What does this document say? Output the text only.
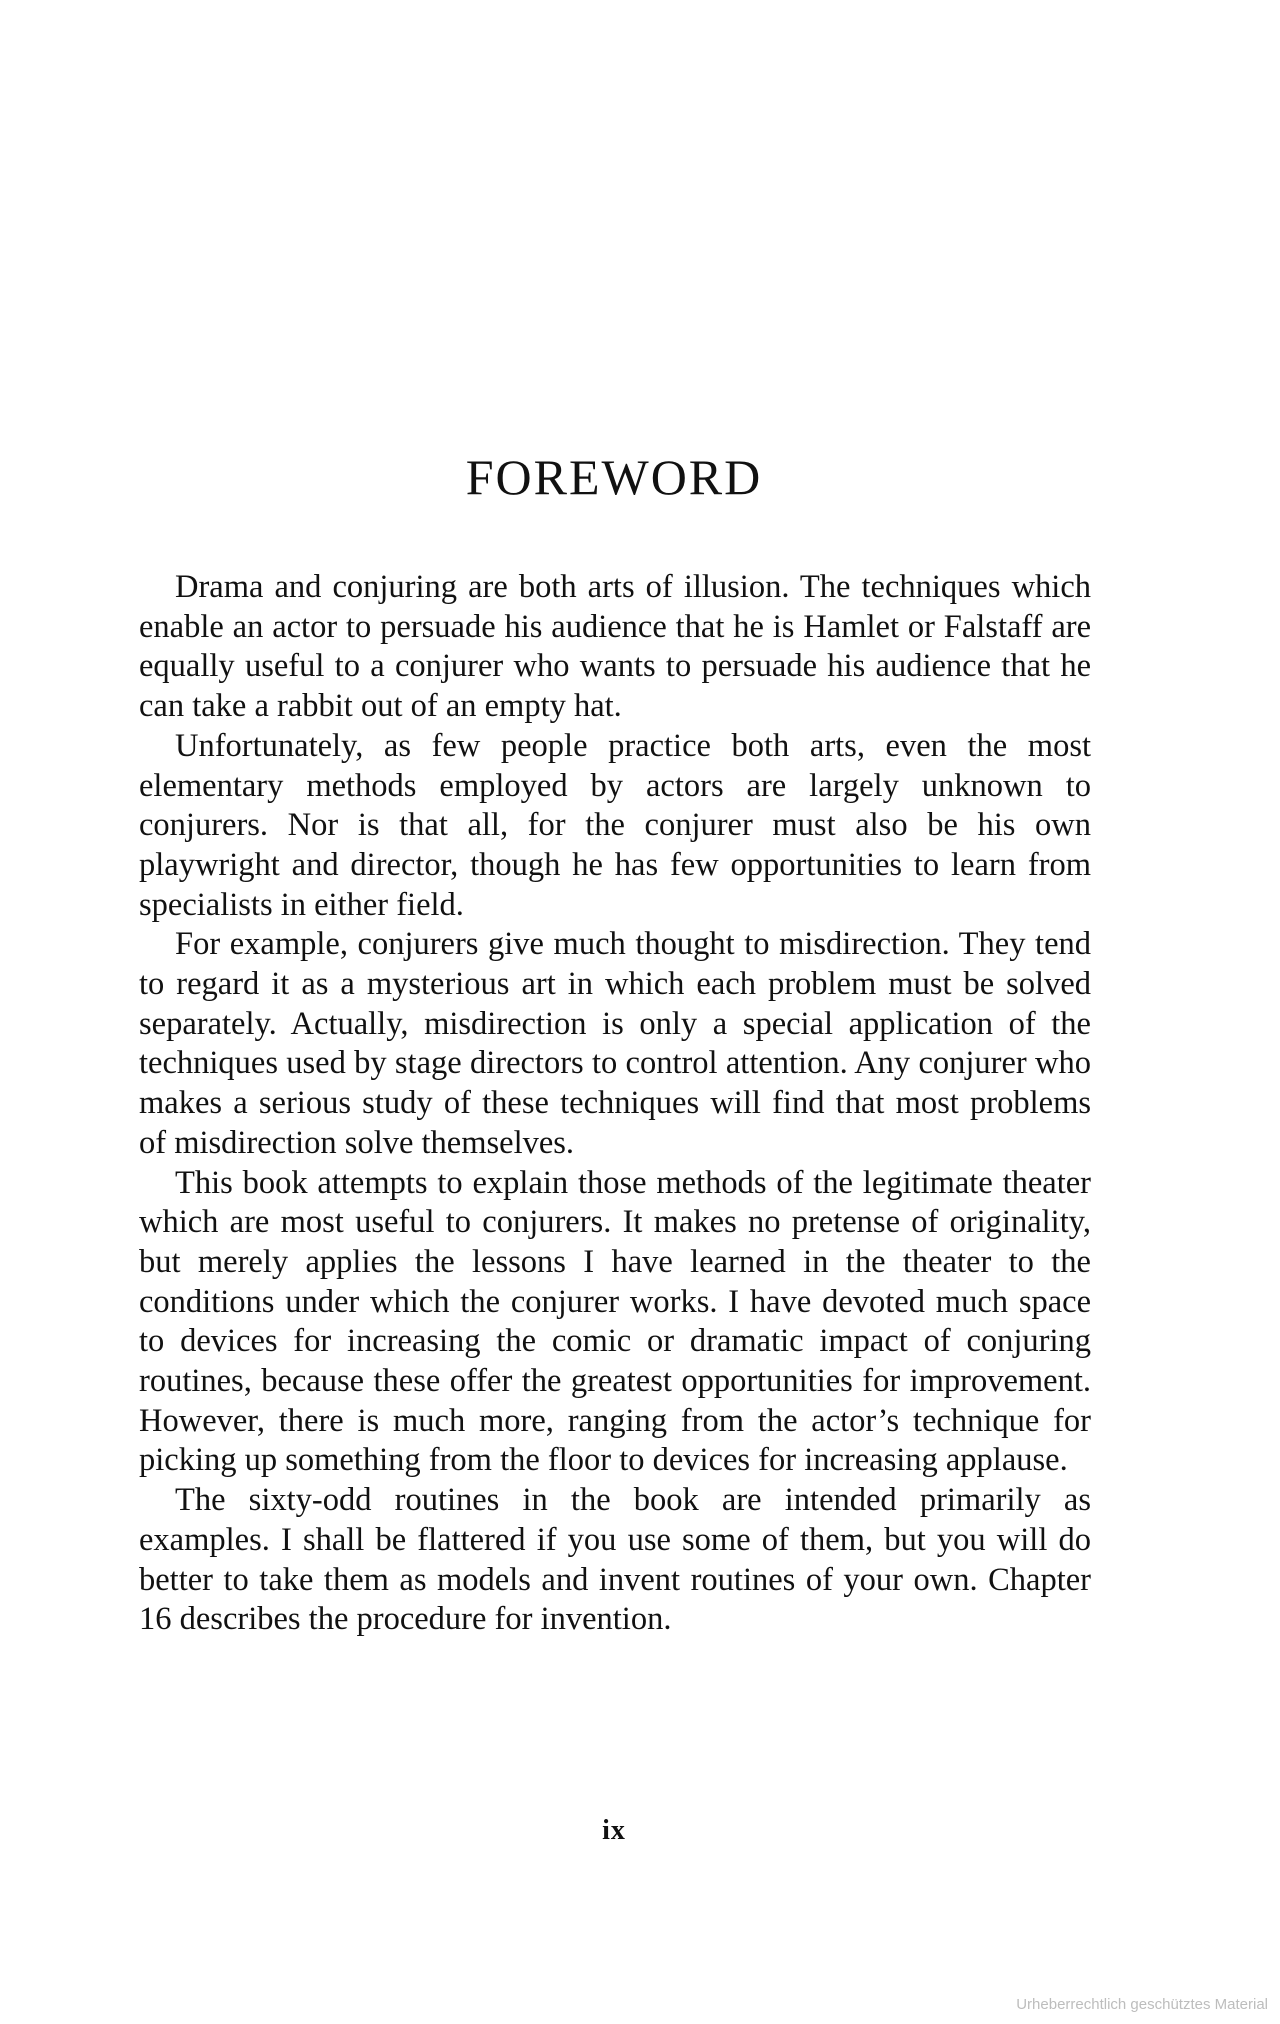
FOREWORD

Drama and conjuring are both arts of illusion. The techniques which enable an actor to persuade his audience that he is Hamlet or Falstaff are equally useful to a conjurer who wants to persuade his audience that he can take a rabbit out of an empty hat.

Unfortunately, as few people practice both arts, even the most elementary methods employed by actors are largely unknown to conjurers. Nor is that all, for the conjurer must also be his own playwright and director, though he has few opportunities to learn from specialists in either field.

For example, conjurers give much thought to misdirection. They tend to regard it as a mysterious art in which each problem must be solved separately. Actually, misdirection is only a special application of the techniques used by stage directors to control attention. Any conjurer who makes a serious study of these techniques will find that most problems of misdirection solve themselves.

This book attempts to explain those methods of the legitimate theater which are most useful to conjurers. It makes no pretense of originality, but merely applies the lessons I have learned in the theater to the conditions under which the conjurer works. I have devoted much space to devices for increasing the comic or dramatic impact of conjuring routines, because these offer the greatest opportunities for improvement. However, there is much more, ranging from the actor’s technique for picking up something from the floor to devices for increasing applause.

The sixty-odd routines in the book are intended primarily as examples. I shall be flattered if you use some of them, but you will do better to take them as models and invent routines of your own. Chapter 16 describes the procedure for invention.

ix
Urheberrechtlich geschütztes Material
